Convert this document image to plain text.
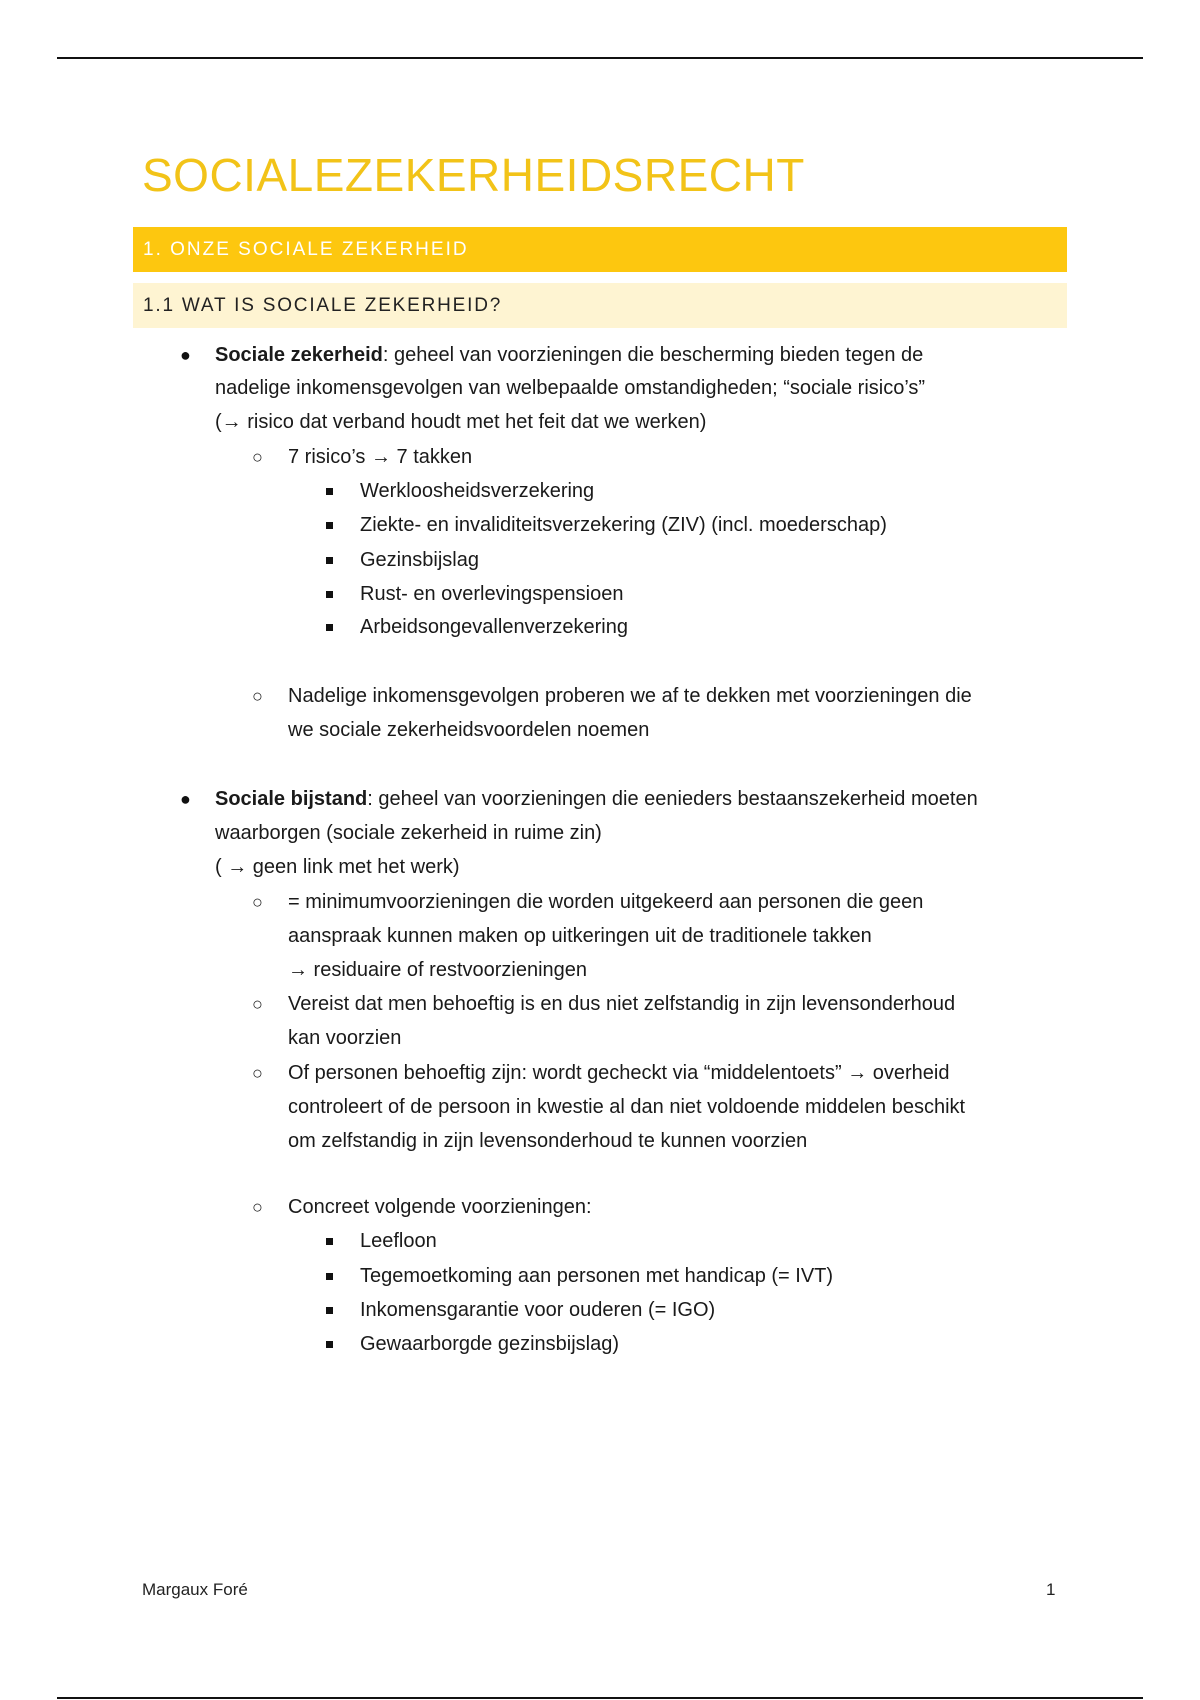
SOCIALEZEKERHEIDSRECHT
1. ONZE SOCIALE ZEKERHEID
1.1 WAT IS SOCIALE ZEKERHEID?
● Sociale zekerheid: geheel van voorzieningen die bescherming bieden tegen de
nadelige inkomensgevolgen van welbepaalde omstandigheden; “sociale risico’s”
(→ risico dat verband houdt met het feit dat we werken)
○ 7 risico’s → 7 takken
Werkloosheidsverzekering
Ziekte- en invaliditeitsverzekering (ZIV) (incl. moederschap)
Gezinsbijslag
Rust- en overlevingspensioen
Arbeidsongevallenverzekering
○ Nadelige inkomensgevolgen proberen we af te dekken met voorzieningen die
we sociale zekerheidsvoordelen noemen
● Sociale bijstand: geheel van voorzieningen die eenieders bestaanszekerheid moeten
waarborgen (sociale zekerheid in ruime zin)
( → geen link met het werk)
○ = minimumvoorzieningen die worden uitgekeerd aan personen die geen
aanspraak kunnen maken op uitkeringen uit de traditionele takken
→ residuaire of restvoorzieningen
○ Vereist dat men behoeftig is en dus niet zelfstandig in zijn levensonderhoud
kan voorzien
○ Of personen behoeftig zijn: wordt gecheckt via “middelentoets” → overheid
controleert of de persoon in kwestie al dan niet voldoende middelen beschikt
om zelfstandig in zijn levensonderhoud te kunnen voorzien
○ Concreet volgende voorzieningen:
Leefloon
Tegemoetkoming aan personen met handicap (= IVT)
Inkomensgarantie voor ouderen (= IGO)
Gewaarborgde gezinsbijslag)
Margaux Foré	1
